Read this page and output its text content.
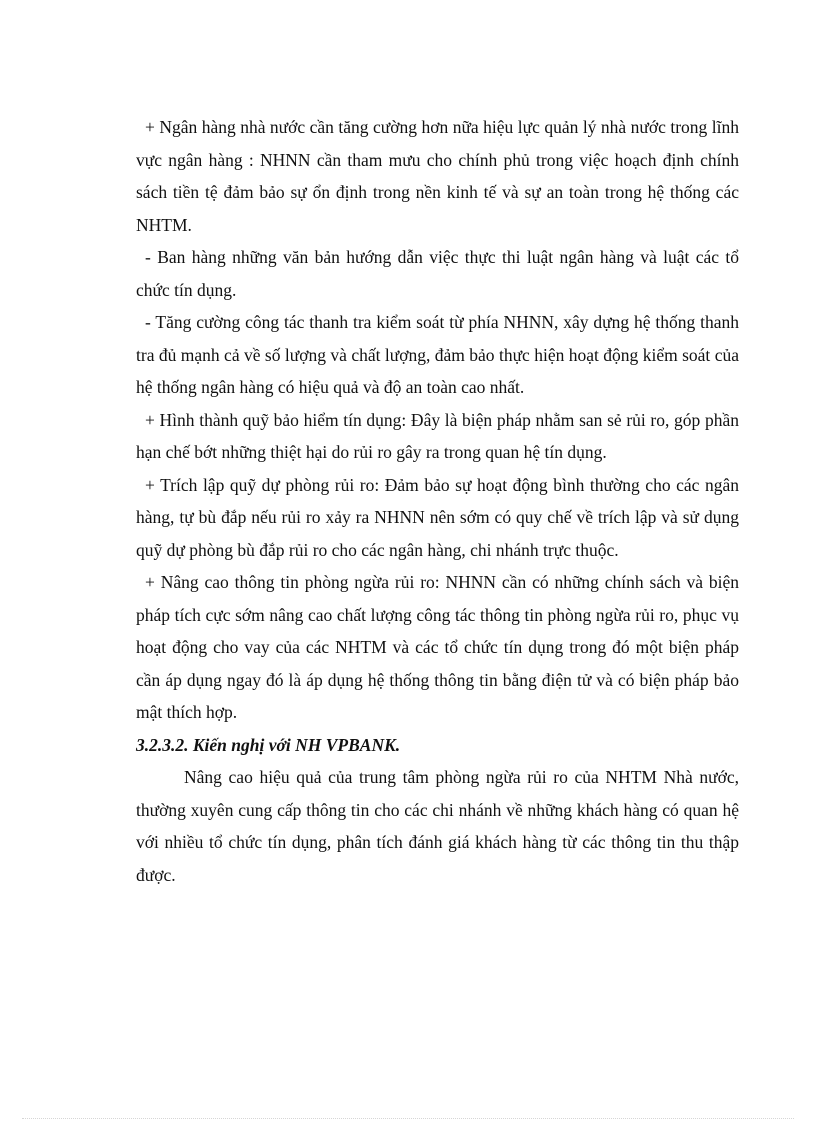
+ Ngân hàng nhà nước cần tăng cường hơn nữa hiệu lực quản lý nhà nước trong lĩnh vực ngân hàng : NHNN cần tham mưu cho chính phủ trong việc hoạch định chính sách tiền tệ đảm bảo sự ổn định trong nền kinh tế và sự an toàn trong hệ thống các NHTM.

- Ban hàng những văn bản hướng dẫn việc thực thi luật ngân hàng và luật các tổ chức tín dụng.

- Tăng cường công tác thanh tra kiểm soát từ phía NHNN, xây dựng hệ thống thanh tra đủ mạnh cả về số lượng và chất lượng, đảm bảo thực hiện hoạt động kiểm soát của hệ thống ngân hàng có hiệu quả và độ an toàn cao nhất.

+ Hình thành quỹ bảo hiểm tín dụng: Đây là biện pháp nhằm san sẻ rủi ro, góp phần hạn chế bớt những thiệt hại do rủi ro gây ra trong quan hệ tín dụng.

+ Trích lập quỹ dự phòng rủi ro: Đảm bảo sự hoạt động bình thường cho các ngân hàng, tự bù đắp nếu rủi ro xảy ra NHNN nên sớm có quy chế về trích lập và sử dụng quỹ dự phòng bù đắp rủi ro cho các ngân hàng, chi nhánh trực thuộc.

+ Nâng cao thông tin phòng ngừa rủi ro: NHNN cần có những chính sách và biện pháp tích cực sớm nâng cao chất lượng công tác thông tin phòng ngừa rủi ro, phục vụ hoạt động cho vay của các NHTM và các tổ chức tín dụng trong đó một biện pháp cần áp dụng ngay đó là áp dụng hệ thống thông tin bằng điện tử và có biện pháp bảo mật thích hợp.

3.2.3.2. Kiến nghị với NH VPBANK.

Nâng cao hiệu quả của trung tâm phòng ngừa rủi ro của NHTM Nhà nước, thường xuyên cung cấp thông tin cho các chi nhánh về những khách hàng có quan hệ với nhiều tổ chức tín dụng, phân tích đánh giá khách hàng từ các thông tin thu thập được.
